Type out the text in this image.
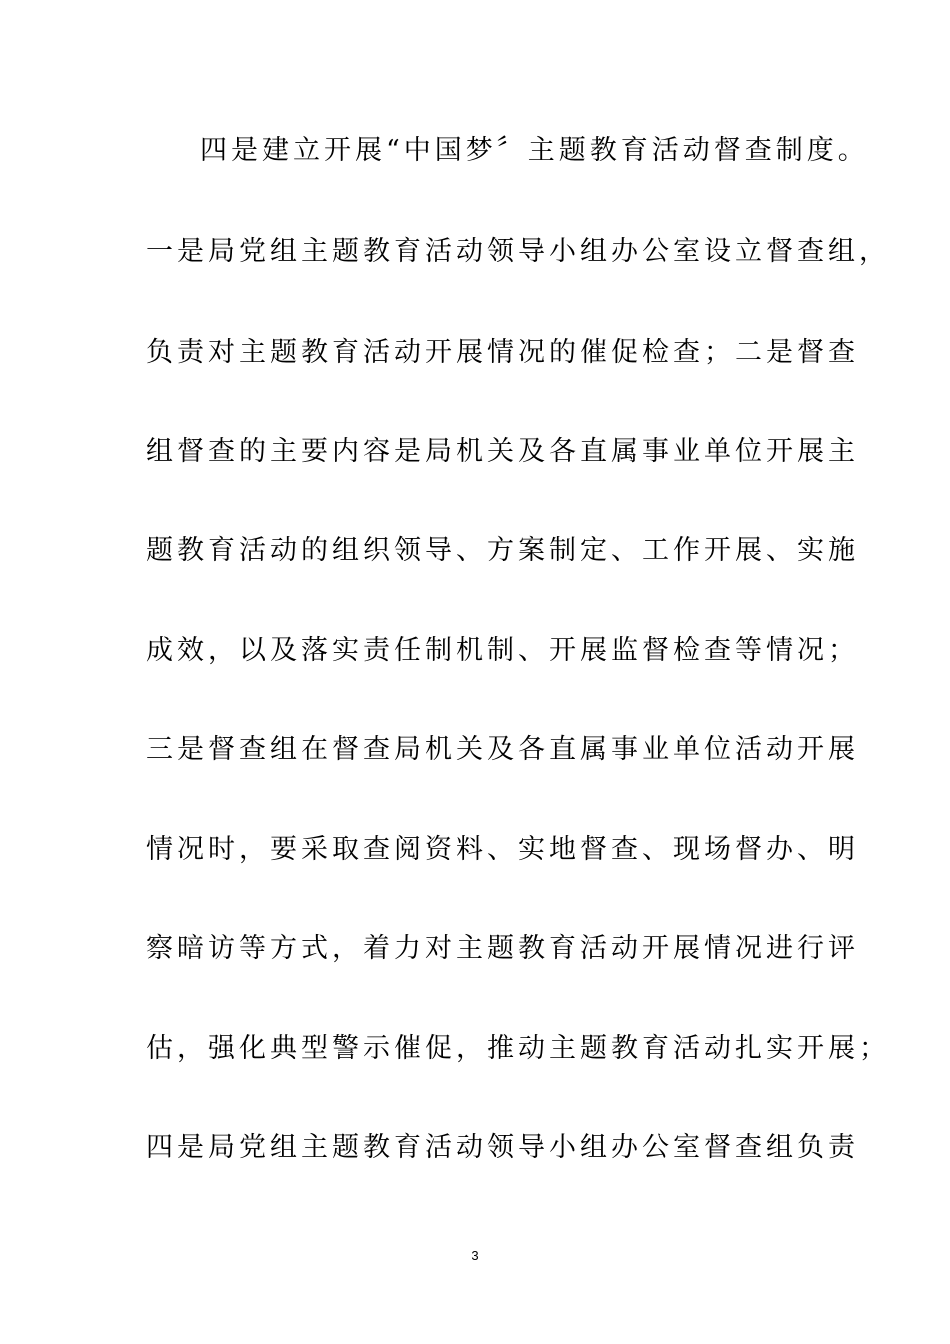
四是建立开展“中国梦〞主题教育活动督查制度。
一是局党组主题教育活动领导小组办公室设立督查组，
负责对主题教育活动开展情况的催促检查；二是督查
组督查的主要内容是局机关及各直属事业单位开展主
题教育活动的组织领导、方案制定、工作开展、实施
成效，以及落实责任制机制、开展监督检查等情况；
三是督查组在督查局机关及各直属事业单位活动开展
情况时，要采取查阅资料、实地督查、现场督办、明
察暗访等方式，着力对主题教育活动开展情况进行评
估，强化典型警示催促，推动主题教育活动扎实开展；
四是局党组主题教育活动领导小组办公室督查组负责
3
